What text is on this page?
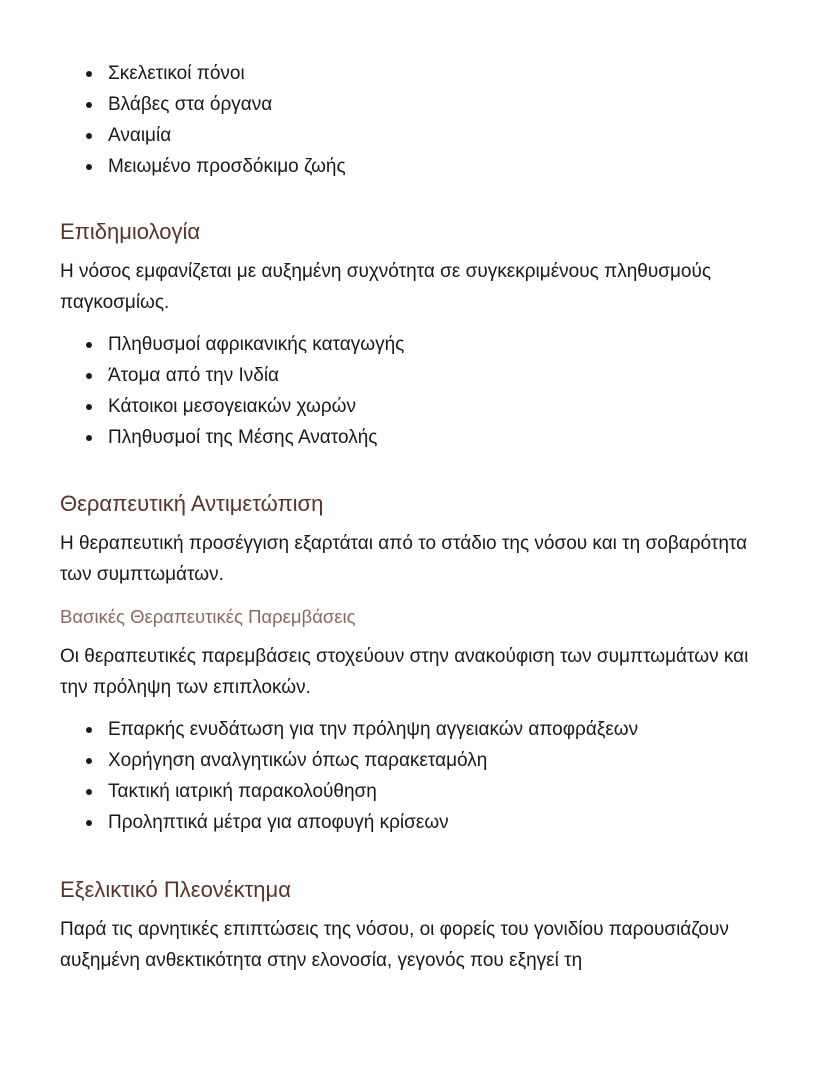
Σκελετικοί πόνοι
Βλάβες στα όργανα
Αναιμία
Μειωμένο προσδόκιμο ζωής
Επιδημιολογία

Η νόσος εμφανίζεται με αυξημένη συχνότητα σε συγκεκριμένους πληθυσμούς παγκοσμίως.

Πληθυσμοί αφρικανικής καταγωγής
Άτομα από την Ινδία
Κάτοικοι μεσογειακών χωρών
Πληθυσμοί της Μέσης Ανατολής
Θεραπευτική Αντιμετώπιση

Η θεραπευτική προσέγγιση εξαρτάται από το στάδιο της νόσου και τη σοβαρότητα των συμπτωμάτων.

Βασικές Θεραπευτικές Παρεμβάσεις

Οι θεραπευτικές παρεμβάσεις στοχεύουν στην ανακούφιση των συμπτωμάτων και την πρόληψη των επιπλοκών.

Επαρκής ενυδάτωση για την πρόληψη αγγειακών αποφράξεων
Χορήγηση αναλγητικών όπως παρακεταμόλη
Τακτική ιατρική παρακολούθηση
Προληπτικά μέτρα για αποφυγή κρίσεων
Εξελικτικό Πλεονέκτημα

Παρά τις αρνητικές επιπτώσεις της νόσου, οι φορείς του γονιδίου παρουσιάζουν αυξημένη ανθεκτικότητα στην ελονοσία, γεγονός που εξηγεί τη
